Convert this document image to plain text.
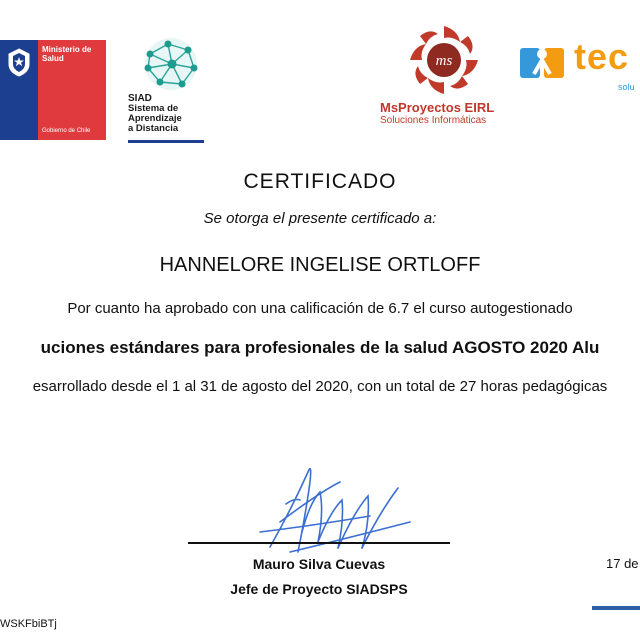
Ministerio de
Salud
Gobierno de Chile
SIAD
Sistema de
Aprendizaje
a Distancia
ms
MsProyectos EIRL
Soluciones Informáticas
tec
solu
CERTIFICADO
Se otorga el presente certificado a:
HANNELORE INGELISE ORTLOFF
Por cuanto ha aprobado con una calificación de 6.7 el curso autogestionado
uciones estándares para profesionales de la salud AGOSTO 2020 Alu
esarrollado desde el 1 al 31 de agosto del 2020, con un total de 27 horas pedagógicas
Mauro Silva Cuevas
Jefe de Proyecto SIADSPS
17 de
WSKFbiBTj
